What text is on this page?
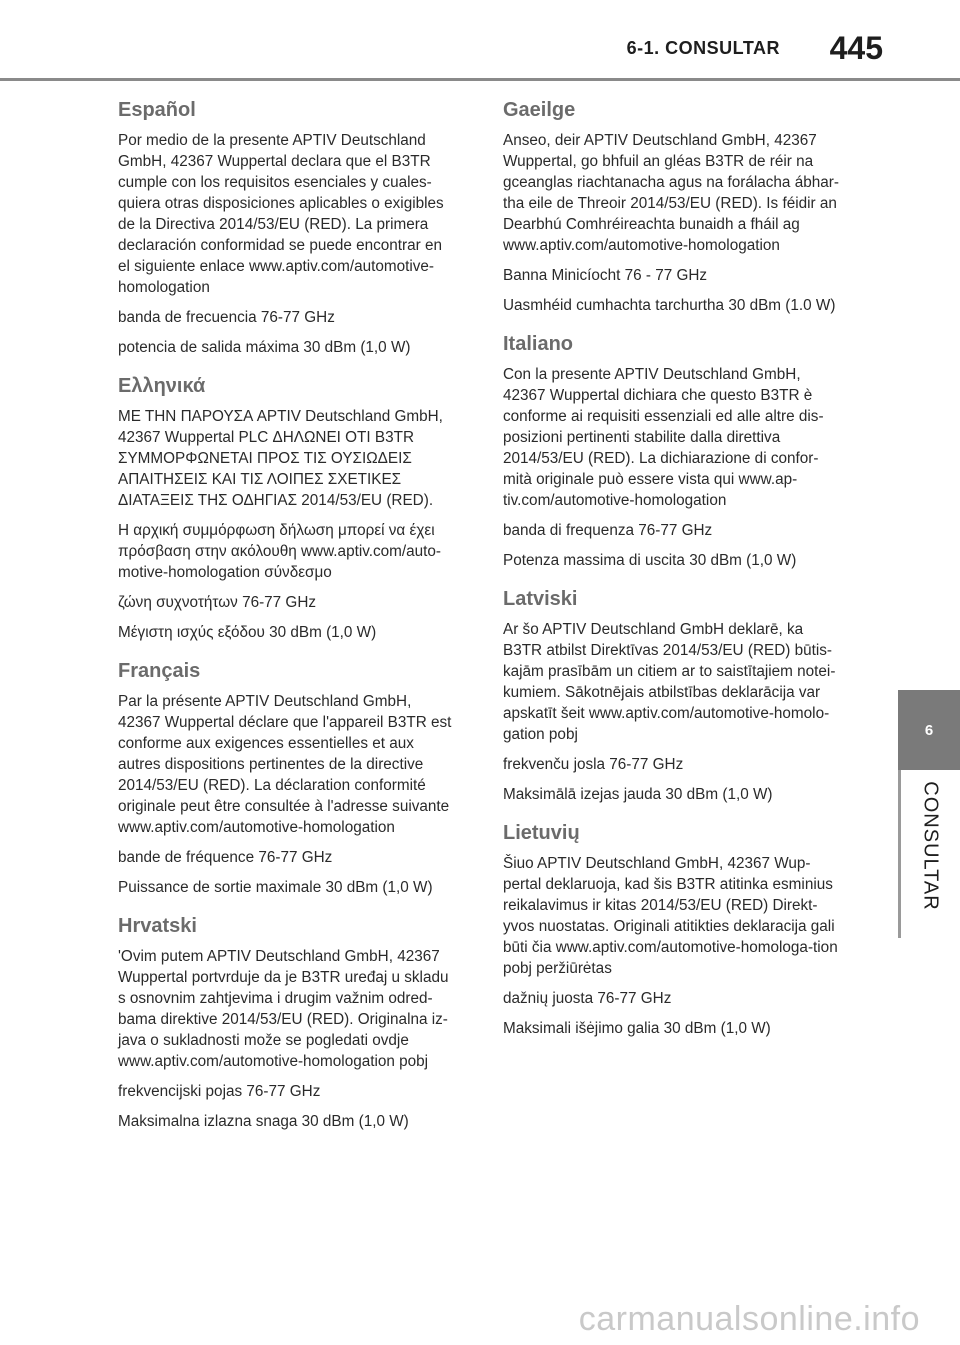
6-1. CONSULTAR 445
Español

Por medio de la presente APTIV Deutschland GmbH, 42367 Wuppertal declara que el B3TR cumple con los requisitos esenciales y cuales-quiera otras disposiciones aplicables o exigibles de la Directiva 2014/53/EU (RED). La primera declaración conformidad se puede encontrar en el siguiente enlace www.aptiv.com/automotive-homologation

banda de frecuencia 76-77 GHz

potencia de salida máxima 30 dBm (1,0 W)

Ελληνικά

ΜΕ ΤΗΝ ΠΑΡΟΥΣΑ APTIV Deutschland GmbH, 42367 Wuppertal PLC ΔΗΛΩΝΕΙ ΟΤΙ B3TR ΣΥΜΜΟΡΦΩΝΕΤΑΙ ΠΡΟΣ ΤΙΣ ΟΥΣΙΩΔΕΙΣ ΑΠΑΙΤΗΣΕΙΣ ΚΑΙ ΤΙΣ ΛΟΙΠΕΣ ΣΧΕΤΙΚΕΣ ΔΙΑΤΑΞΕΙΣ ΤΗΣ ΟΔΗΓΙΑΣ 2014/53/EU (RED).

Η αρχική συμμόρφωση δήλωση μπορεί να έχει πρόσβαση στην ακόλουθη www.aptiv.com/auto-motive-homologation σύνδεσμο

ζώνη συχνοτήτων 76-77 GHz

Μέγιστη ισχύς εξόδου 30 dBm (1,0 W)

Français

Par la présente APTIV Deutschland GmbH, 42367 Wuppertal déclare que l'appareil B3TR est conforme aux exigences essentielles et aux autres dispositions pertinentes de la directive 2014/53/EU (RED). La déclaration conformité originale peut être consultée à l'adresse suivante www.aptiv.com/automotive-homologation

bande de fréquence 76-77 GHz

Puissance de sortie maximale 30 dBm (1,0 W)

Hrvatski

'Ovim putem APTIV Deutschland GmbH, 42367 Wuppertal portvrduje da je B3TR uređaj u skladu s osnovnim zahtjevima i drugim važnim odred-bama direktive 2014/53/EU (RED). Originalna iz-java o sukladnosti može se pogledati ovdje www.aptiv.com/automotive-homologation pobj

frekvencijski pojas 76-77 GHz

Maksimalna izlazna snaga 30 dBm (1,0 W)

Gaeilge

Anseo, deir APTIV Deutschland GmbH, 42367 Wuppertal, go bhfuil an gléas B3TR de réir na gceanglas riachtanacha agus na forálacha ábhar-tha eile de Threoir 2014/53/EU (RED). Is féidir an Dearbhú Comhréireachta bunaidh a fháil ag www.aptiv.com/automotive-homologation

Banna Minicíocht 76 - 77 GHz

Uasmhéid cumhachta tarchurtha 30 dBm (1.0 W)

Italiano

Con la presente APTIV Deutschland GmbH, 42367 Wuppertal dichiara che questo B3TR è conforme ai requisiti essenziali ed alle altre dis-posizioni pertinenti stabilite dalla direttiva 2014/53/EU (RED). La dichiarazione di confor-mità originale può essere vista qui www.ap-tiv.com/automotive-homologation

banda di frequenza 76-77 GHz

Potenza massima di uscita 30 dBm (1,0 W)

Latviski

Ar šo APTIV Deutschland GmbH deklarē, ka B3TR atbilst Direktīvas 2014/53/EU (RED) būtis-kajām prasībām un citiem ar to saistītajiem notei-kumiem. Sākotnējais atbilstības deklarācija var apskatīt šeit www.aptiv.com/automotive-homolo-gation pobj

frekvenču josla 76-77 GHz

Maksimālā izejas jauda 30 dBm (1,0 W)

Lietuvių

Šiuo APTIV Deutschland GmbH, 42367 Wup-pertal deklaruoja, kad šis B3TR atitinka esminius reikalavimus ir kitas 2014/53/EU (RED) Direkt-yvos nuostatas. Originali atitikties deklaracija gali būti čia www.aptiv.com/automotive-homologa-tion pobj peržiūrėtas

dažnių juosta 76-77 GHz

Maksimali išėjimo galia 30 dBm (1,0 W)

6
CONSULTAR
carmanualsonline.info
